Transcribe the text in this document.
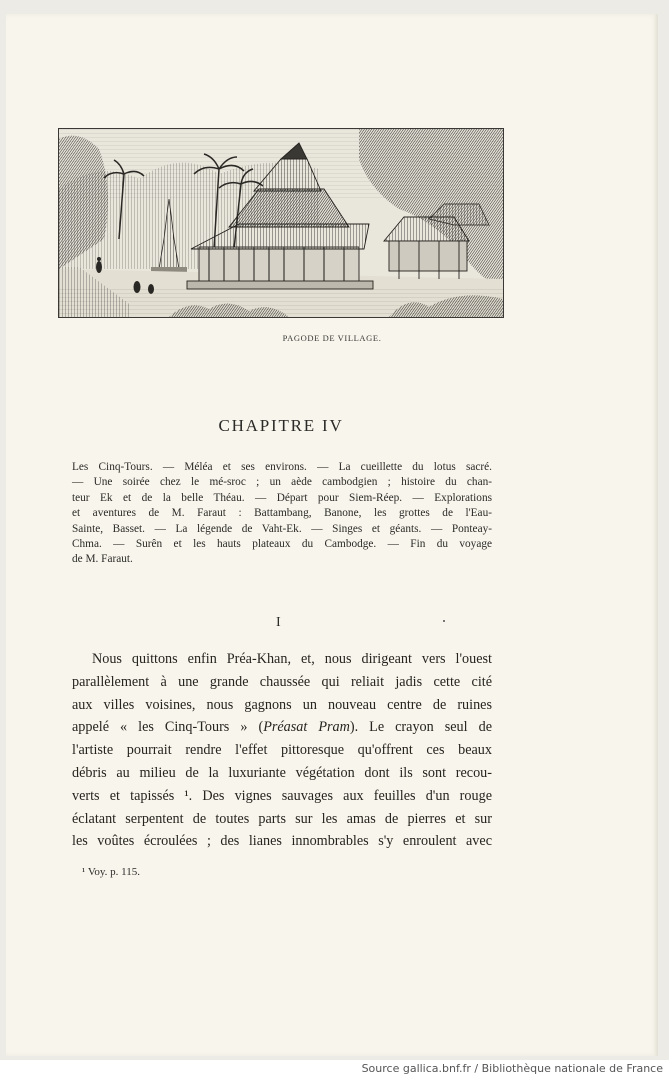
PAGODE DE VILLAGE.
CHAPITRE IV
Les Cinq-Tours. — Méléa et ses environs. — La cueillette du lotus sacré.
— Une soirée chez le mé-sroc ; un aède cambodgien ; histoire du chan-
teur Ek et de la belle Théau. — Départ pour Siem-Réep. — Explorations
et aventures de M. Faraut : Battambang, Banone, les grottes de l'Eau-
Sainte, Basset. — La légende de Vaht-Ek. — Singes et géants. — Ponteay-
Chma. — Surên et les hauts plateaux du Cambodge. — Fin du voyage
de M. Faraut.
I
Nous quittons enfin Préa-Khan, et, nous dirigeant vers l'ouest
parallèlement à une grande chaussée qui reliait jadis cette cité
aux villes voisines, nous gagnons un nouveau centre de ruines
appelé « les Cinq-Tours » (Préasat Pram). Le crayon seul de
l'artiste pourrait rendre l'effet pittoresque qu'offrent ces beaux
débris au milieu de la luxuriante végétation dont ils sont recou-
verts et tapissés ¹. Des vignes sauvages aux feuilles d'un rouge
éclatant serpentent de toutes parts sur les amas de pierres et sur
les voûtes écroulées ; des lianes innombrables s'y enroulent avec
¹ Voy. p. 115.
Source gallica.bnf.fr / Bibliothèque nationale de France
